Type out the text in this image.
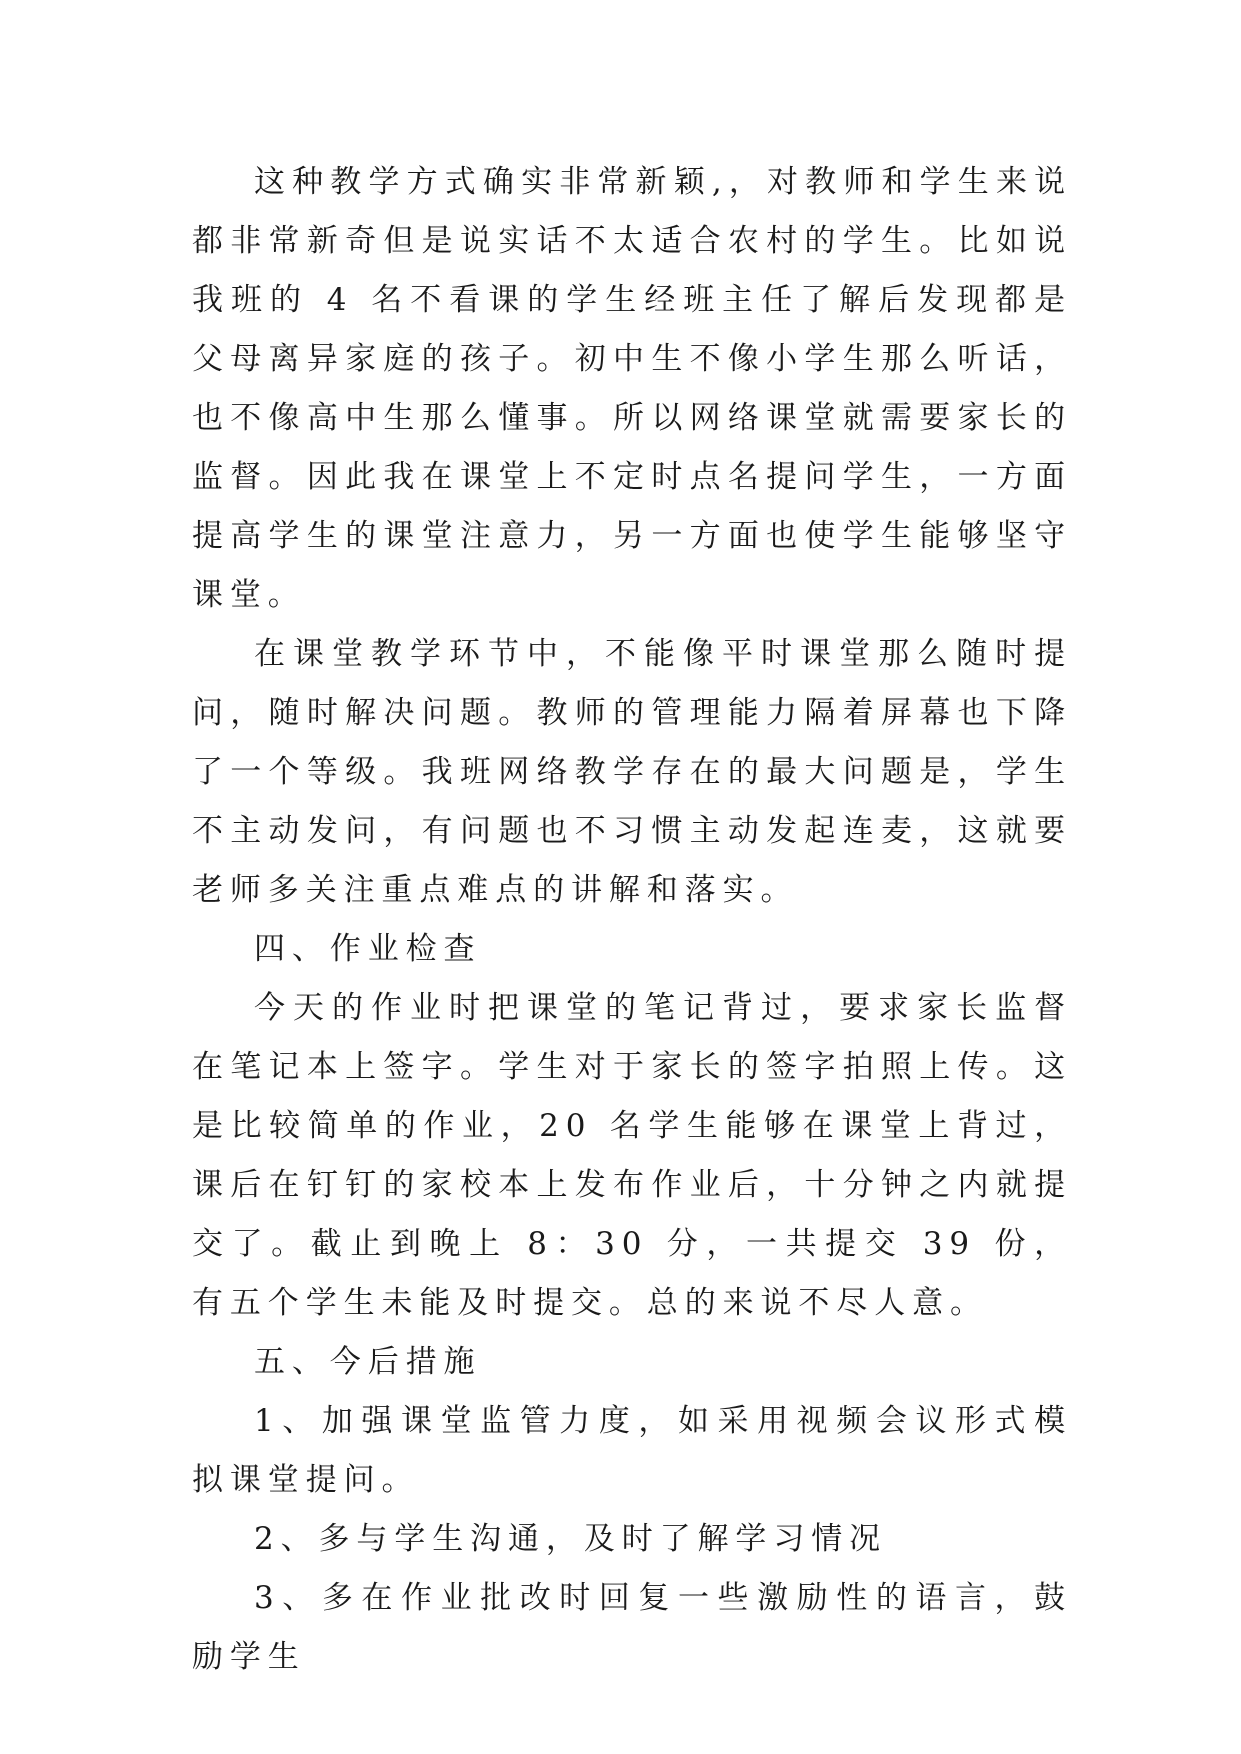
这种教学方式确实非常新颖,，对教师和学生来说都非常新奇但是说实话不太适合农村的学生。比如说我班的 4 名不看课的学生经班主任了解后发现都是父母离异家庭的孩子。初中生不像小学生那么听话，也不像高中生那么懂事。所以网络课堂就需要家长的监督。因此我在课堂上不定时点名提问学生，一方面提高学生的课堂注意力，另一方面也使学生能够坚守课堂。

在课堂教学环节中，不能像平时课堂那么随时提问，随时解决问题。教师的管理能力隔着屏幕也下降了一个等级。我班网络教学存在的最大问题是，学生不主动发问，有问题也不习惯主动发起连麦，这就要老师多关注重点难点的讲解和落实。

四、作业检查

今天的作业时把课堂的笔记背过，要求家长监督在笔记本上签字。学生对于家长的签字拍照上传。这是比较简单的作业，20 名学生能够在课堂上背过，课后在钉钉的家校本上发布作业后，十分钟之内就提交了。截止到晚上 8：30 分，一共提交 39 份，有五个学生未能及时提交。总的来说不尽人意。

五、今后措施

1、加强课堂监管力度，如采用视频会议形式模拟课堂提问。

2、多与学生沟通，及时了解学习情况

3、多在作业批改时回复一些激励性的语言，鼓励学生
